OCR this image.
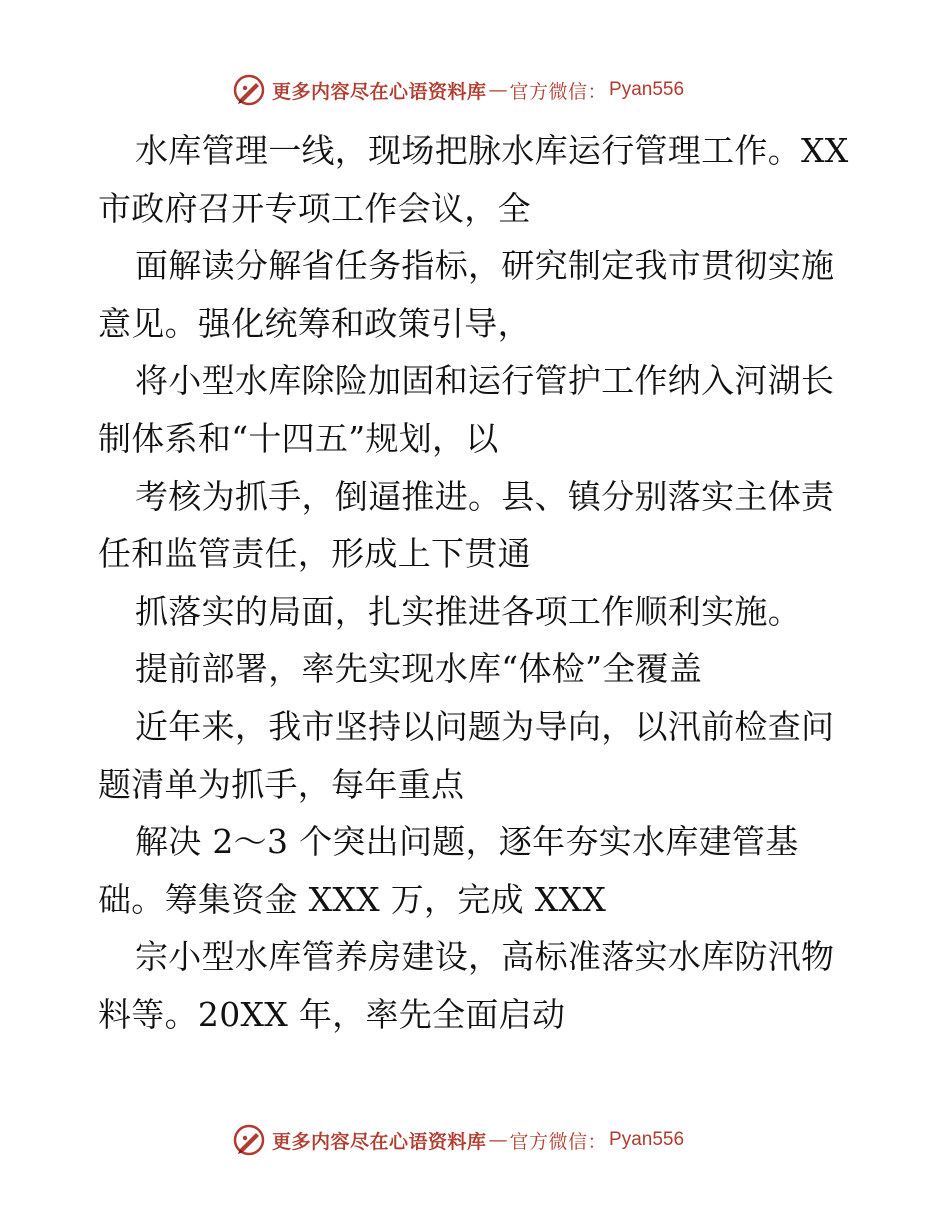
更多内容尽在心语资料库 — 官方微信： Pyan556
水库管理一线，现场把脉水库运行管理工作。XX
市政府召开专项工作会议，全
面解读分解省任务指标，研究制定我市贯彻实施
意见。强化统筹和政策引导，
将小型水库除险加固和运行管护工作纳入河湖长
制体系和“十四五”规划，以
考核为抓手，倒逼推进。县、镇分别落实主体责
任和监管责任，形成上下贯通
抓落实的局面，扎实推进各项工作顺利实施。
提前部署，率先实现水库“体检”全覆盖
近年来，我市坚持以问题为导向，以汛前检查问
题清单为抓手，每年重点
解决 2～3 个突出问题，逐年夯实水库建管基
础。筹集资金 XXX 万，完成 XXX
宗小型水库管养房建设，高标准落实水库防汛物
料等。20XX 年，率先全面启动
更多内容尽在心语资料库 — 官方微信： Pyan556
